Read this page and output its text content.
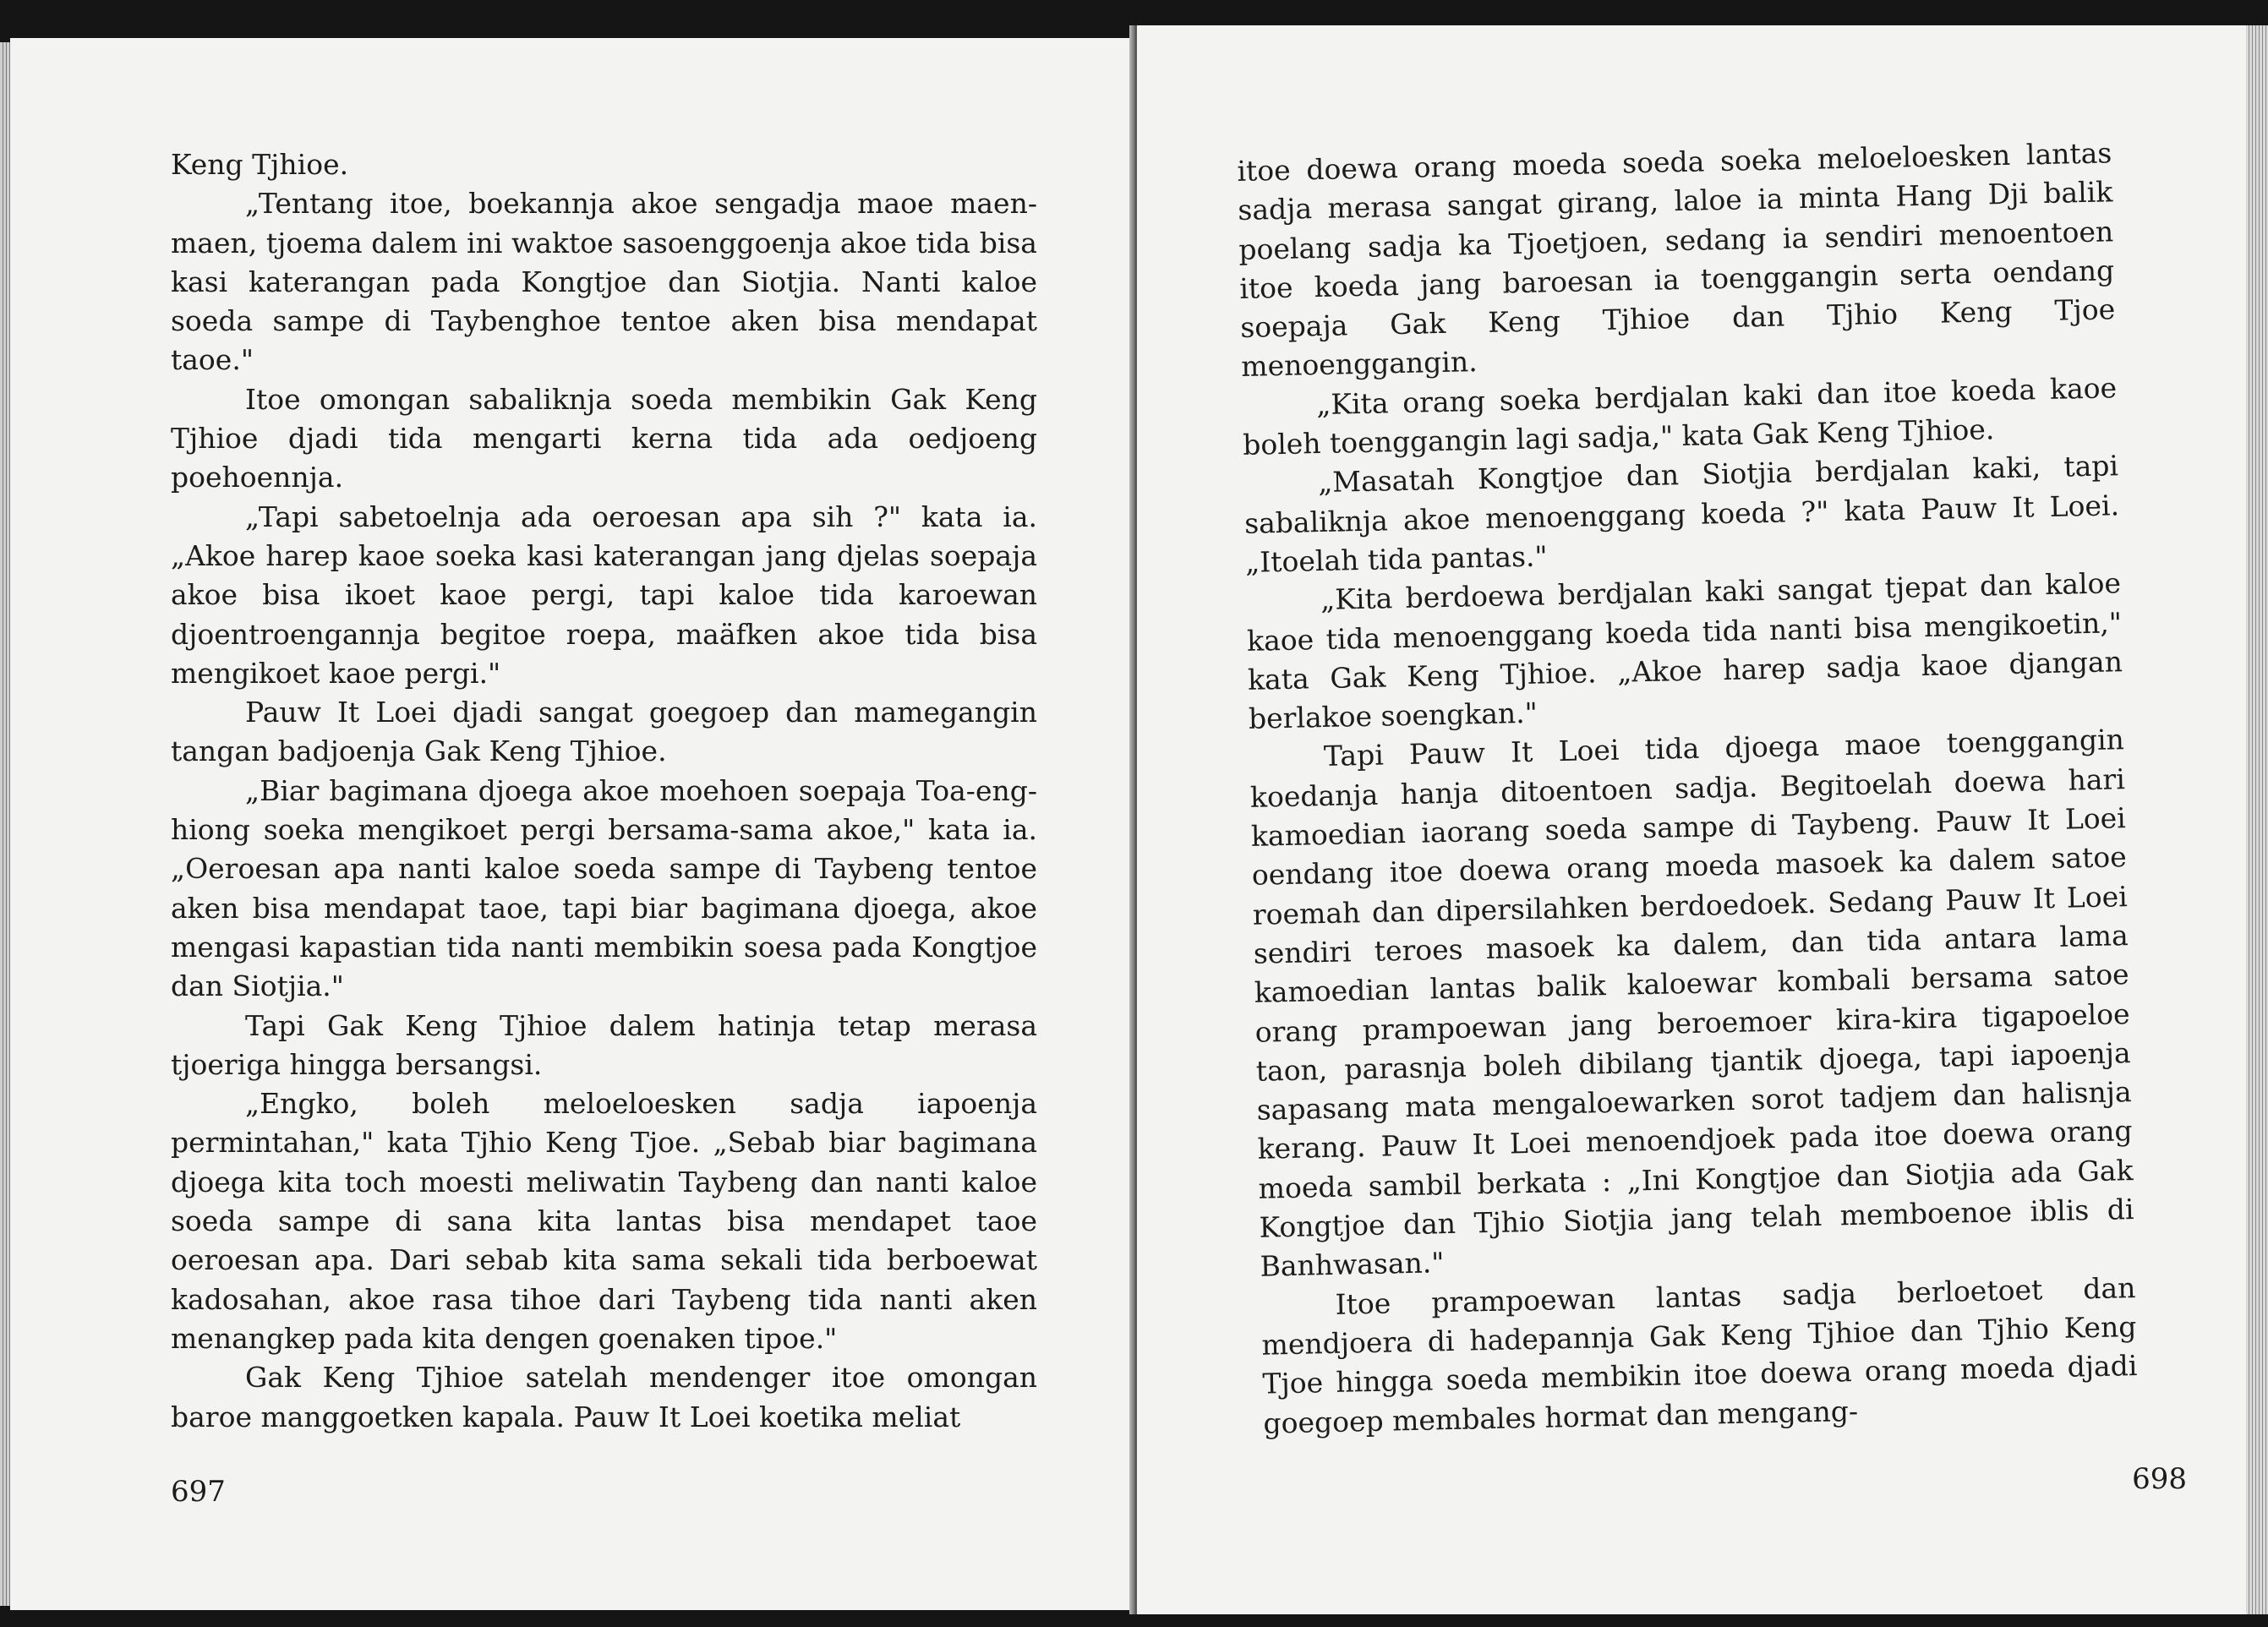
Keng Tjhioe.

„Tentang itoe, boekannja akoe sengadja maoe maen-maen, tjoema dalem ini waktoe sasoenggoenja akoe tida bisa kasi katerangan pada Kongtjoe dan Siotjia. Nanti kaloe soeda sampe di Taybenghoe tentoe aken bisa mendapat taoe."

Itoe omongan sabaliknja soeda membikin Gak Keng Tjhioe djadi tida mengarti kerna tida ada oedjoeng poehoennja.

„Tapi sabetoelnja ada oeroesan apa sih ?" kata ia. „Akoe harep kaoe soeka kasi katerangan jang djelas soepaja akoe bisa ikoet kaoe pergi, tapi kaloe tida karoewan djoentroengannja begitoe roepa, maäfken akoe tida bisa mengikoet kaoe pergi."

Pauw It Loei djadi sangat goegoep dan mamegangin tangan badjoenja Gak Keng Tjhioe.

„Biar bagimana djoega akoe moehoen soepaja Toa-eng-hiong soeka mengikoet pergi bersama-sama akoe," kata ia. „Oeroesan apa nanti kaloe soeda sampe di Taybeng tentoe aken bisa mendapat taoe, tapi biar bagimana djoega, akoe mengasi kapastian tida nanti membikin soesa pada Kongtjoe dan Siotjia."

Tapi Gak Keng Tjhioe dalem hatinja tetap merasa tjoeriga hingga bersangsi.

„Engko, boleh meloeloesken sadja iapoenja permintahan," kata Tjhio Keng Tjoe. „Sebab biar bagimana djoega kita toch moesti meliwatin Taybeng dan nanti kaloe soeda sampe di sana kita lantas bisa mendapet taoe oeroesan apa. Dari sebab kita sama sekali tida berboewat kadosahan, akoe rasa tihoe dari Taybeng tida nanti aken menangkep pada kita dengen goenaken tipoe."

Gak Keng Tjhioe satelah mendenger itoe omongan baroe manggoetken kapala. Pauw It Loei koetika meliat

697

itoe doewa orang moeda soeda soeka meloeloesken lantas sadja merasa sangat girang, laloe ia minta Hang Dji balik poelang sadja ka Tjoetjoen, sedang ia sendiri menoentoen itoe koeda jang baroesan ia toenggangin serta oendang soepaja Gak Keng Tjhioe dan Tjhio Keng Tjoe menoenggangin.

„Kita orang soeka berdjalan kaki dan itoe koeda kaoe boleh toenggangin lagi sadja," kata Gak Keng Tjhioe.

„Masatah Kongtjoe dan Siotjia berdjalan kaki, tapi sabaliknja akoe menoenggang koeda ?" kata Pauw It Loei. „Itoelah tida pantas."

„Kita berdoewa berdjalan kaki sangat tjepat dan kaloe kaoe tida menoenggang koeda tida nanti bisa mengikoetin," kata Gak Keng Tjhioe. „Akoe harep sadja kaoe djangan berlakoe soengkan."

Tapi Pauw It Loei tida djoega maoe toenggangin koedanja hanja ditoentoen sadja. Begitoelah doewa hari kamoedian iaorang soeda sampe di Taybeng. Pauw It Loei oendang itoe doewa orang moeda masoek ka dalem satoe roemah dan dipersilahken berdoedoek. Sedang Pauw It Loei sendiri teroes masoek ka dalem, dan tida antara lama kamoedian lantas balik kaloewar kombali bersama satoe orang prampoewan jang beroemoer kira-kira tigapoeloe taon, parasnja boleh dibilang tjantik djoega, tapi iapoenja sapasang mata mengaloewarken sorot tadjem dan halisnja kerang. Pauw It Loei menoendjoek pada itoe doewa orang moeda sambil berkata : „Ini Kongtjoe dan Siotjia ada Gak Kongtjoe dan Tjhio Siotjia jang telah memboenoe iblis di Banhwasan."

Itoe prampoewan lantas sadja berloetoet dan mendjoera di hadepannja Gak Keng Tjhioe dan Tjhio Keng Tjoe hingga soeda membikin itoe doewa orang moeda djadi goegoep membales hormat dan mengang-

698
